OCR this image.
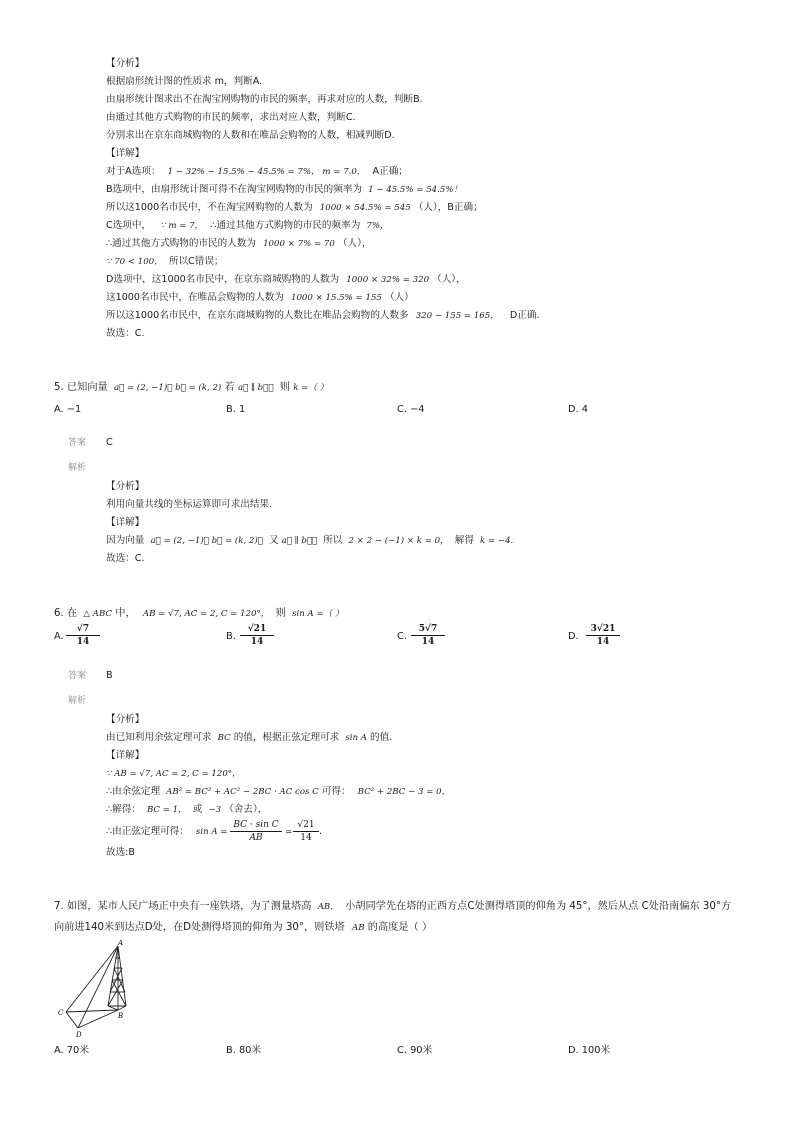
【分析】
根据扇形统计图的性质求 m，判断A.
由扇形统计图求出不在淘宝网购物的市民的频率，再求对应的人数，判断B.
由通过其他方式购物的市民的频率，求出对应人数，判断C.
分别求出在京东商城购物的人数和在唯品会购物的人数，相减判断D.
【详解】
对于A选项： 1 − 32% − 15.5% − 45.5% = 7%， m = 7.0， A正确；
B选项中，由扇形统计图可得不在淘宝网购物的市民的频率为 1 − 45.5% = 54.5%！
所以这1000名市民中，不在淘宝网购物的人数为 1000 × 54.5% = 545 （人），B正确；
C选项中， ∵ m = 7， ∴通过其他方式购物的市民的频率为 7%，
∴通过其他方式购物的市民的人数为 1000 × 7% = 70 （人），
∵ 70 < 100， 所以C错误；
D选项中，这1000名市民中，在京东商城购物的人数为 1000 × 32% = 320 （人），
这1000名市民中，在唯品会购物的人数为 1000 × 15.5% = 155 （人）
所以这1000名市民中，在京东商城购物的人数比在唯品会购物的人数多 320 − 155 = 165， D正确.
故选：C.
5. 已知向量 a⃗ = (2, −1)， b⃗ = (k, 2) 若 a⃗ ∥ b⃗， 则 k =（ ）
A. −1	B. 1	C. −4	D. 4
答案 C
解析
【分析】
利用向量共线的坐标运算即可求出结果.
【详解】
因为向量 a⃗ = (2, −1)， b⃗ = (k, 2)， 又 a⃗ ∥ b⃗， 所以 2 × 2 − (−1) × k = 0， 解得 k = −4.
故选：C.
6. 在 △ ABC 中， AB = √7, AC = 2, C = 120°， 则 sin A =（ ）
A. $\frac{√7}{14}$	B. $\frac{√21}{14}$	C. $\frac{5√7}{14}$	D. $\frac{3√21}{14}$
答案 B
解析
【分析】
由已知利用余弦定理可求 BC 的值，根据正弦定理可求 sin A 的值.
【详解】
∵ AB = √7, AC = 2, C = 120°，
∴由余弦定理 AB² = BC² + AC² − 2BC · AC cos C 可得： BC² + 2BC − 3 = 0，
∴解得： BC = 1， 或 −3 （舍去），
∴由正弦定理可得： $\sin A = \frac{\text{BC · sin C}}{AB} = \frac{√21}{14}$ .
故选:B
7. 如图，某市人民广场正中央有一座铁塔，为了测量塔高 AB， 小胡同学先在塔的正西方点C处测得塔顶的仰角为 45°，然后从点 C处沿南偏东 30°方
向前进140米到达点D处，在D处测得塔顶的仰角为 30°，则铁塔 AB 的高度是（ ）
A
B
C
D
A. 70米	B. 80米	C. 90米	D. 100米
